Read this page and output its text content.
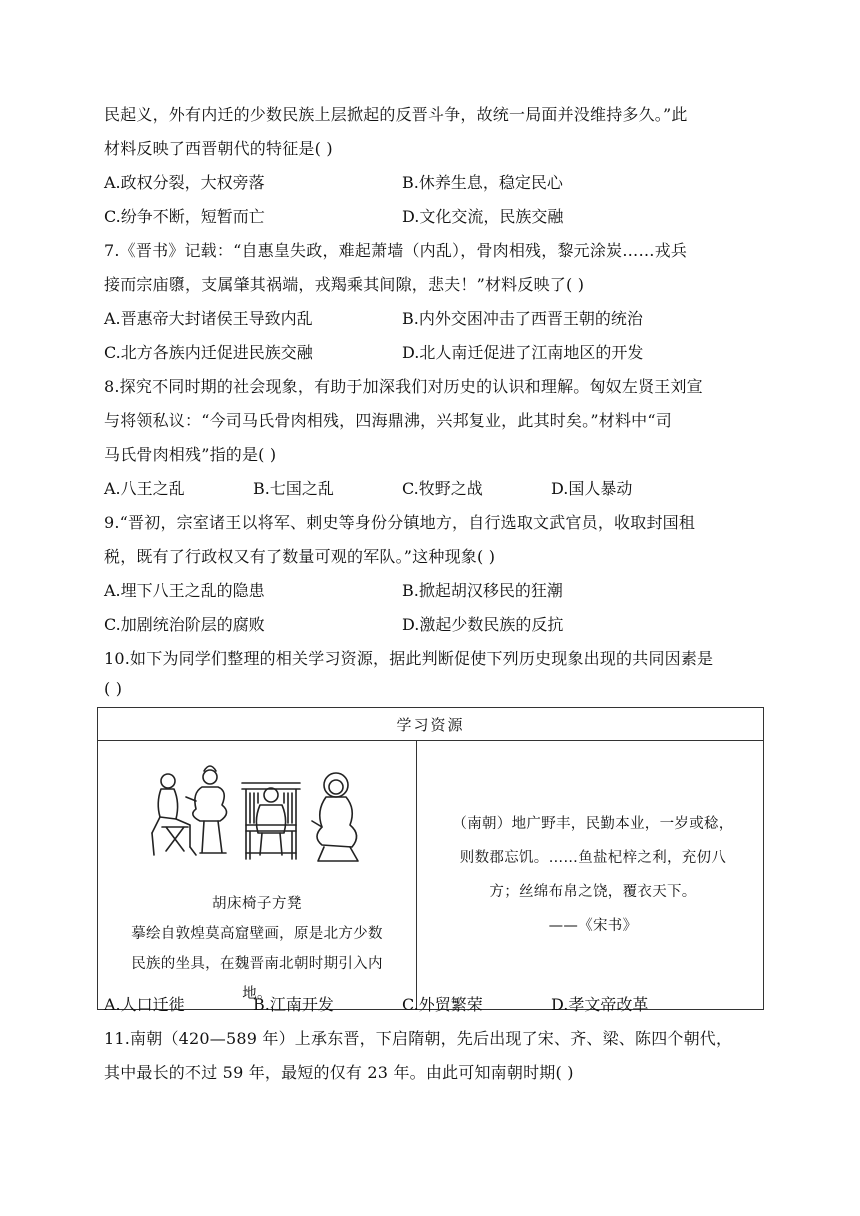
民起义，外有内迁的少数民族上层掀起的反晋斗争，故统一局面并没维持多久。”此
材料反映了西晋朝代的特征是( )
A.政权分裂，大权旁落	B.休养生息，稳定民心
C.纷争不断，短暂而亡	D.文化交流，民族交融
7.《晋书》记载：“自惠皇失政，难起萧墙（内乱），骨肉相残，黎元涂炭……戎兵
接而宗庙隳，支属肇其祸端，戎羯乘其间隙，悲夫！”材料反映了( )
A.晋惠帝大封诸侯王导致内乱	B.内外交困冲击了西晋王朝的统治
C.北方各族内迁促进民族交融	D.北人南迁促进了江南地区的开发
8.探究不同时期的社会现象，有助于加深我们对历史的认识和理解。匈奴左贤王刘宣
与将领私议：“今司马氏骨肉相残，四海鼎沸，兴邦复业，此其时矣。”材料中“司
马氏骨肉相残”指的是( )
A.八王之乱	B.七国之乱	C.牧野之战	D.国人暴动
9.“晋初，宗室诸王以将军、刺史等身份分镇地方，自行选取文武官员，收取封国租
税，既有了行政权又有了数量可观的军队。”这种现象( )
A.埋下八王之乱的隐患	B.掀起胡汉移民的狂潮
C.加剧统治阶层的腐败	D.激起少数民族的反抗
10.如下为同学们整理的相关学习资源，据此判断促使下列历史现象出现的共同因素是
( )
学习资源

胡床椅子方凳
摹绘自敦煌莫高窟壁画，原是北方少数
民族的坐具，在魏晋南北朝时期引入内
地。

（南朝）地广野丰，民勤本业，一岁或稔，
则数郡忘饥。……鱼盐杞梓之利，充仞八
方；丝绵布帛之饶，覆衣天下。
——《宋书》
A.人口迁徙	B.江南开发	C.外贸繁荣	D.孝文帝改革
11.南朝（420—589 年）上承东晋，下启隋朝，先后出现了宋、齐、梁、陈四个朝代，
其中最长的不过 59 年，最短的仅有 23 年。由此可知南朝时期( )
